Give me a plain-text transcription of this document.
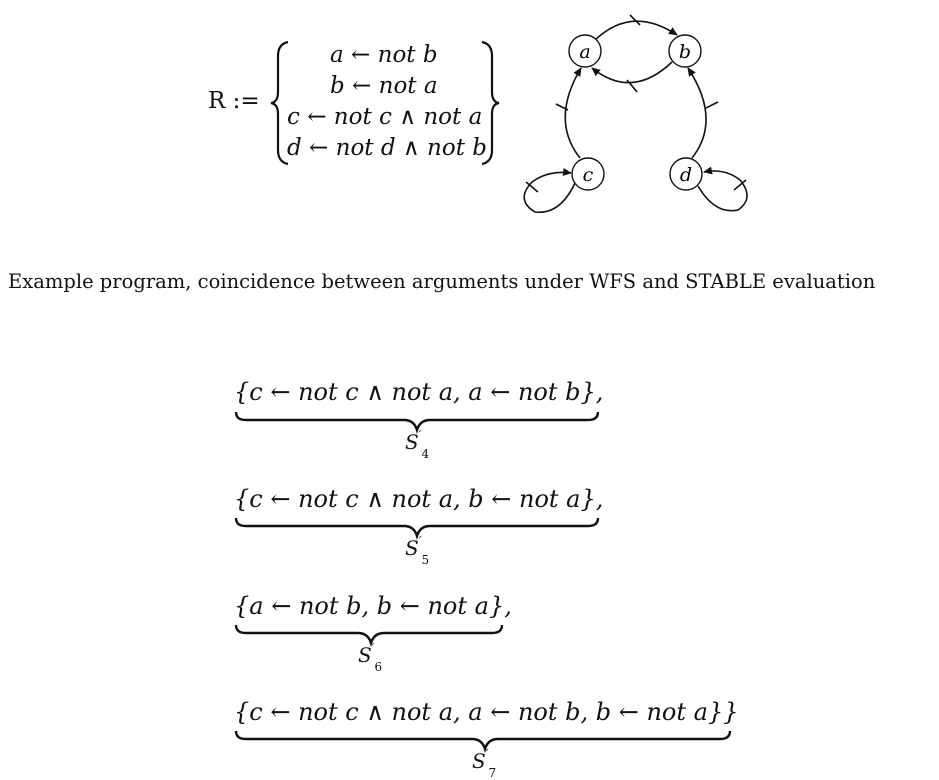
R :=
a ← not b
b ← not a
c ← not c ∧ not a
d ← not d ∧ not b
a	b
c	d
Example program, coincidence between arguments under WFS and STABLE evaluation
{c ← not c ∧ not a, a ← not b},
$S'_4$
{c ← not c ∧ not a, b ← not a},
$S'_5$
{a ← not b, b ← not a},
$S'_6$
{c ← not c ∧ not a, a ← not b, b ← not a}}
$S'_7$
